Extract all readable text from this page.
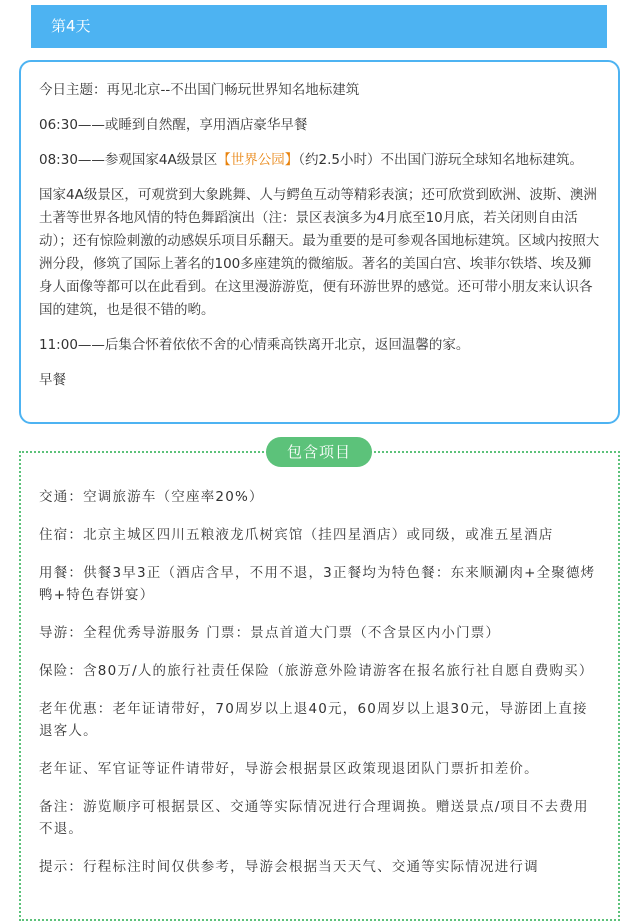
第4天

今日主题：再见北京--不出国门畅玩世界知名地标建筑

06:30——或睡到自然醒，享用酒店豪华早餐

08:30——参观国家4A级景区【世界公园】（约2.5小时）不出国门游玩全球知名地标建筑。

国家4A级景区，可观赏到大象跳舞、人与鳄鱼互动等精彩表演；还可欣赏到欧洲、波斯、澳洲土著等世界各地风情的特色舞蹈演出（注：景区表演多为4月底至10月底，若关闭则自由活动）；还有惊险刺激的动感娱乐项目乐翻天。最为重要的是可参观各国地标建筑。区域内按照大洲分段，修筑了国际上著名的100多座建筑的微缩版。著名的美国白宫、埃菲尔铁塔、埃及狮身人面像等都可以在此看到。在这里漫游游览，便有环游世界的感觉。还可带小朋友来认识各国的建筑，也是很不错的哟。

11:00——后集合怀着依依不舍的心情乘高铁离开北京，返回温馨的家。

早餐

交通：空调旅游车（空座率20%）

住宿：北京主城区四川五粮液龙爪树宾馆（挂四星酒店）或同级，或准五星酒店

用餐：供餐3早3正（酒店含早，不用不退，3正餐均为特色餐：东来顺涮肉+全聚德烤鸭+特色春饼宴）

导游：全程优秀导游服务 门票：景点首道大门票（不含景区内小门票）

保险：含80万/人的旅行社责任保险（旅游意外险请游客在报名旅行社自愿自费购买）

老年优惠：老年证请带好，70周岁以上退40元，60周岁以上退30元，导游团上直接退客人。

老年证、军官证等证件请带好，导游会根据景区政策现退团队门票折扣差价。

备注：游览顺序可根据景区、交通等实际情况进行合理调换。赠送景点/项目不去费用不退。

提示：行程标注时间仅供参考，导游会根据当天天气、交通等实际情况进行调

包含项目
